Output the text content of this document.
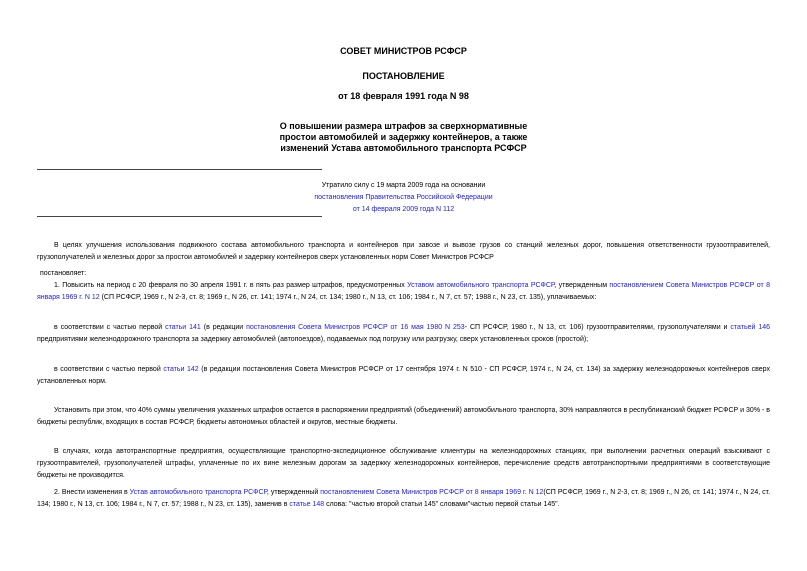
СОВЕТ МИНИСТРОВ РСФСР
ПОСТАНОВЛЕНИЕ
от 18 февраля 1991 года N 98
О повышении размера штрафов за сверхнормативные
простои автомобилей и задержку контейнеров, а также
изменений Устава автомобильного транспорта РСФСР
Утратило силу с 19 марта 2009 года на основании
постановления Правительства Российской Федерации
от 14 февраля 2009 года N 112

В целях улучшения использования подвижного состава автомобильного транспорта и контейнеров при завозе и вывозе грузов со станций железных дорог, повышения ответственности грузоотправителей, грузополучателей и железных дорог за простои автомобилей и задержку контейнеров сверх установленных норм Совет Министров РСФСР

постановляет:

1. Повысить на период с 20 февраля по 30 апреля 1991 г. в пять раз размер штрафов, предусмотренных Уставом автомобильного транспорта РСФСР, утвержденным постановлением Совета Министров РСФСР от 8 января 1969 г. N 12 (СП РСФСР, 1969 г., N 2-3, ст. 8; 1969 г., N 26, ст. 141; 1974 г., N 24, ст. 134; 1980 г., N 13, ст. 106; 1984 г., N 7, ст. 57; 1988 г., N 23, ст. 135), уплачиваемых:

в соответствии с частью первой статьи 141 (в редакции постановления Совета Министров РСФСР от 16 мая 1980 N 253- СП РСФСР, 1980 г., N 13, ст. 106) грузоотправителями, грузополучателями и статьей 146 предприятиями железнодорожного транспорта за задержку автомобилей (автопоездов), подаваемых под погрузку или разгрузку, сверх установленных сроков (простой);

в соответствии с частью первой статьи 142 (в редакции постановления Совета Министров РСФСР от 17 сентября 1974 г. N 510 - СП РСФСР, 1974 г., N 24, ст. 134) за задержку железнодорожных контейнеров сверх установленных норм.

Установить при этом, что 40% суммы увеличения указанных штрафов остается в распоряжении предприятий (объединений) автомобильного транспорта, 30% направляются в республиканский бюджет РСФСР и 30% - в бюджеты республик, входящих в состав РСФСР, бюджеты автономных областей и округов, местные бюджеты.

В случаях, когда автотранспортные предприятия, осуществляющие транспортно-экспедиционное обслуживание клиентуры на железнодорожных станциях, при выполнении расчетных операций взыскивают с грузоотправителей, грузополучателей штрафы, уплаченные по их вине железным дорогам за задержку железнодорожных контейнеров, перечисление средств автотранспортными предприятиями в соответствующие бюджеты не производится.

2. Внести изменения в Устав автомобильного транспорта РСФСР, утвержденный постановлением Совета Министров РСФСР от 8 января 1969 г. N 12(СП РСФСР, 1969 г., N 2-3, ст. 8; 1969 г., N 26, ст. 141; 1974 г., N 24, ст. 134; 1980 г., N 13, ст. 106; 1984 г., N 7, ст. 57; 1988 г., N 23, ст. 135), заменив в статье 148 слова: "частью второй статьи 145" словами"частью первой статьи 145".
